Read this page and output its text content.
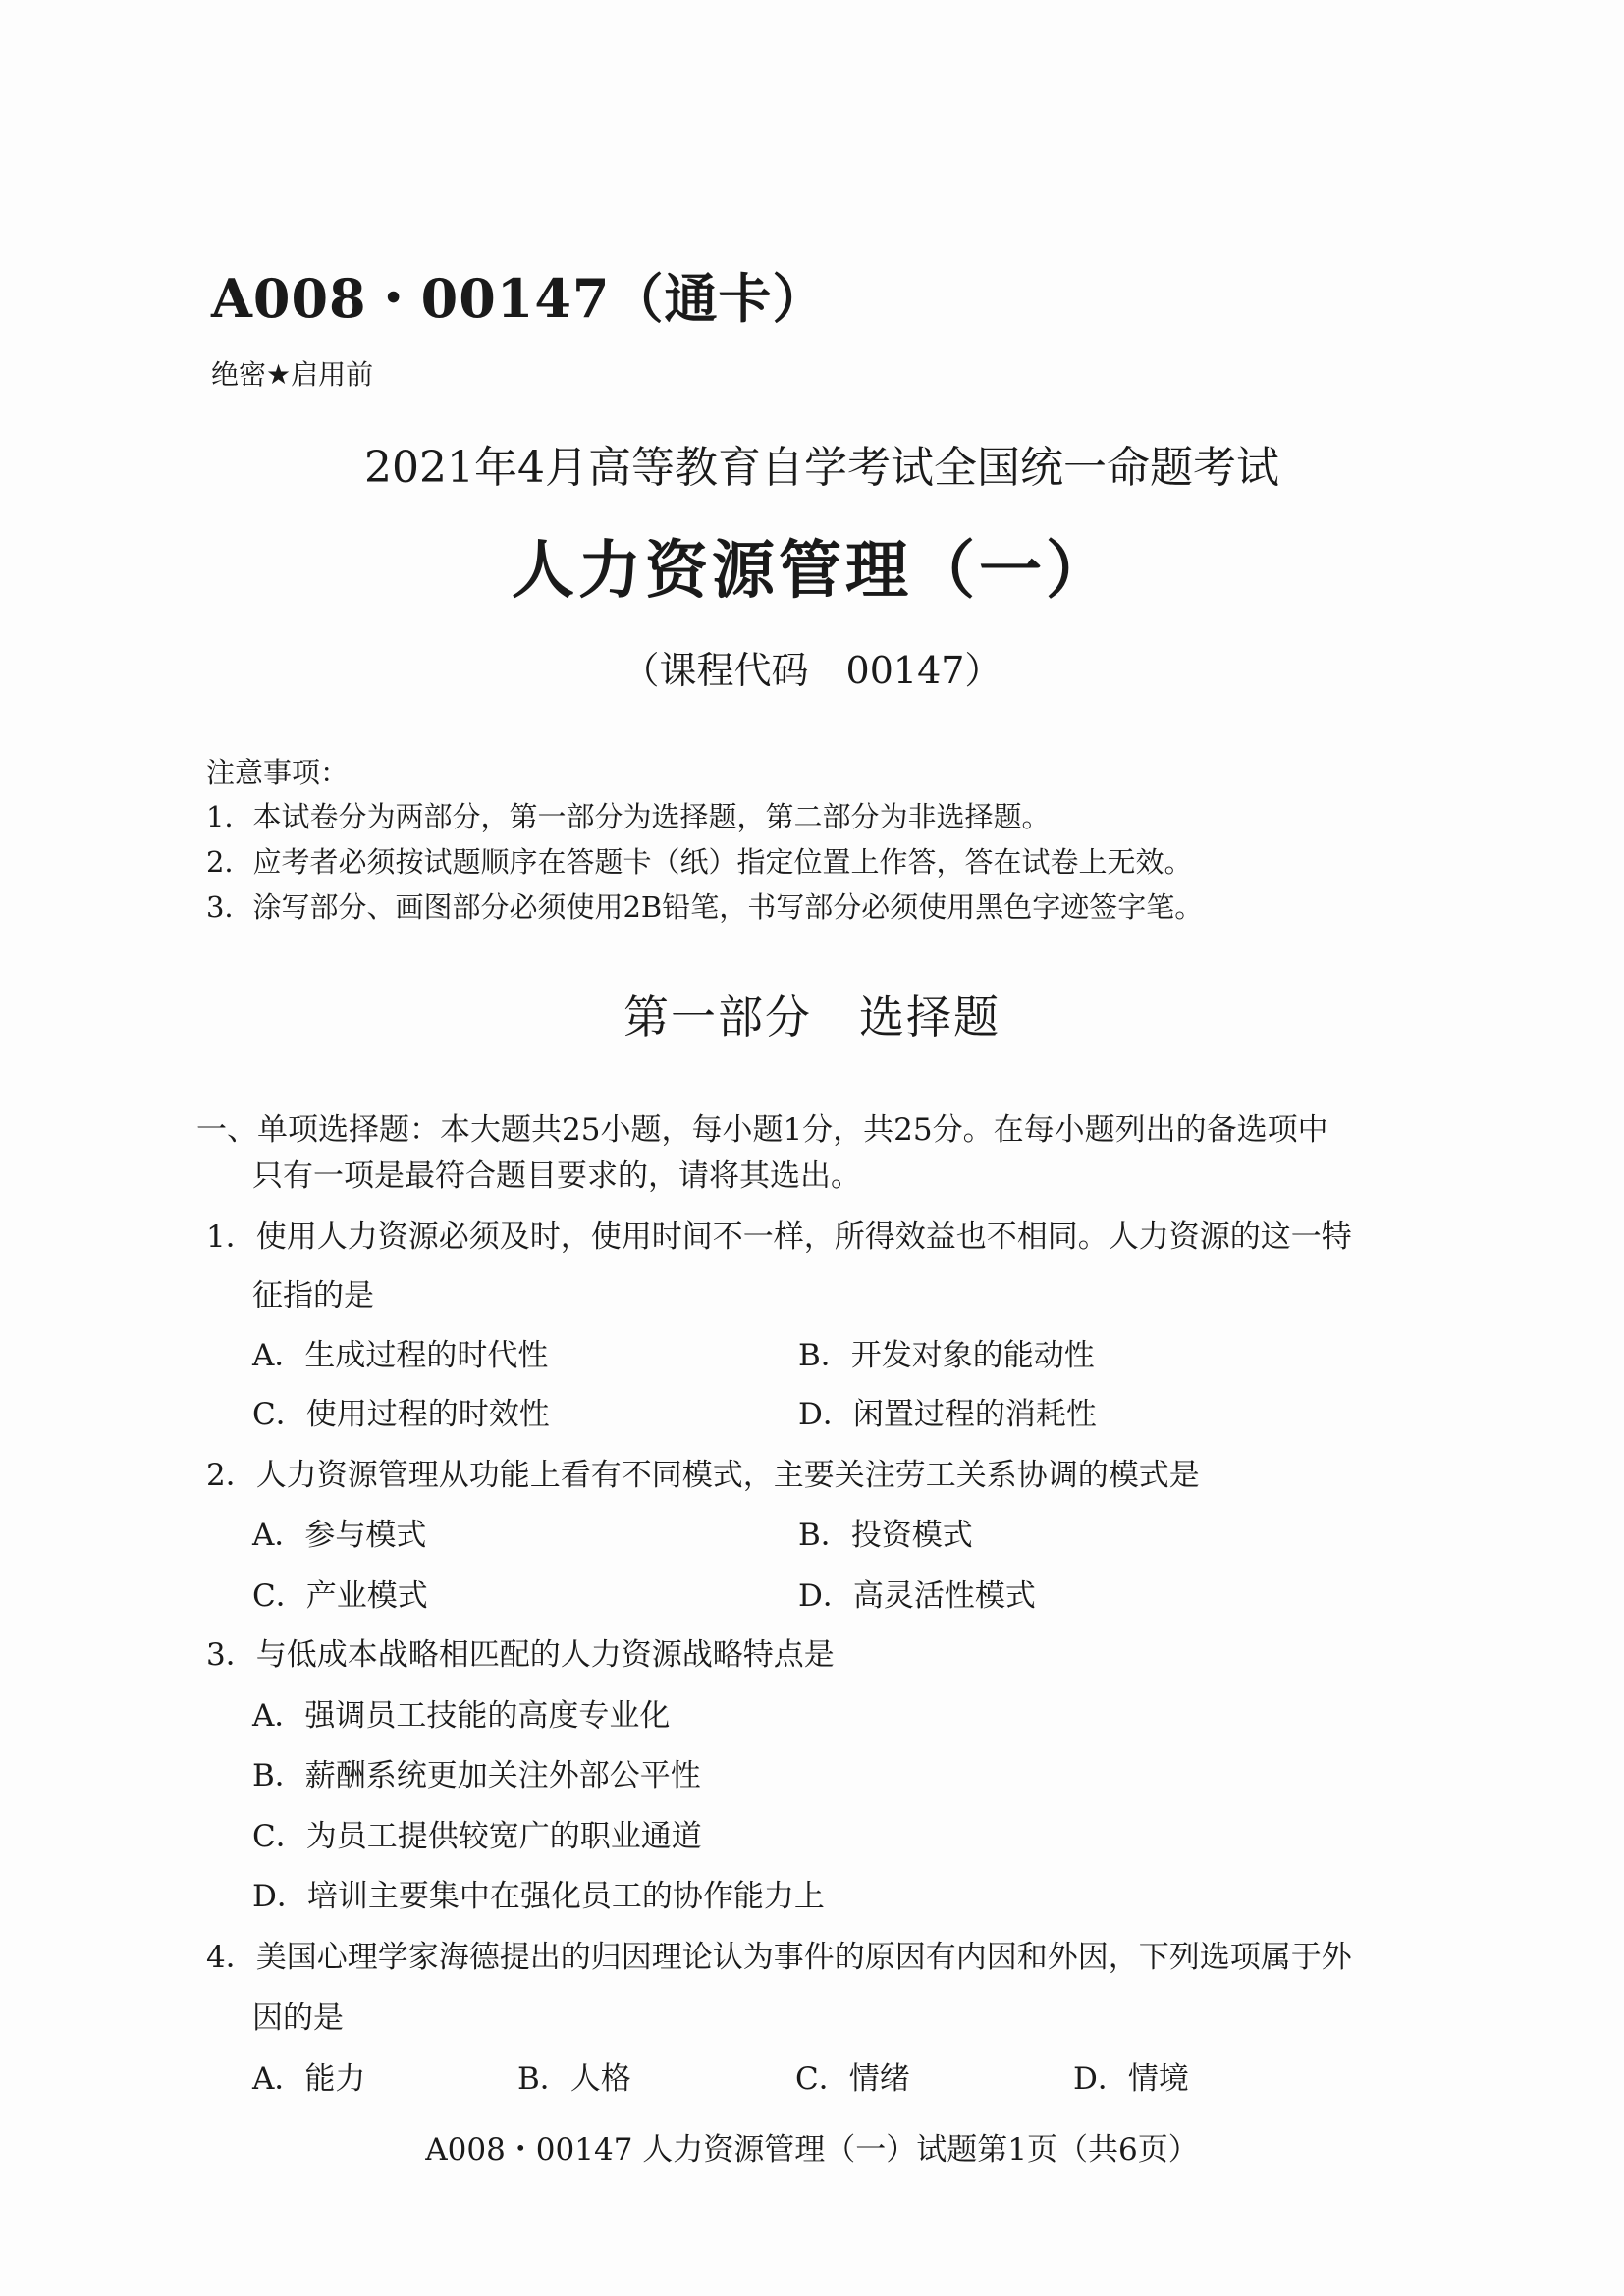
A008・00147（通卡）
绝密★启用前
2021年4月高等教育自学考试全国统一命题考试
人力资源管理（一）
（课程代码　00147）
注意事项：
1．本试卷分为两部分，第一部分为选择题，第二部分为非选择题。
2．应考者必须按试题顺序在答题卡（纸）指定位置上作答，答在试卷上无效。
3．涂写部分、画图部分必须使用2B铅笔，书写部分必须使用黑色字迹签字笔。
第一部分　选择题
一、单项选择题：本大题共25小题，每小题1分，共25分。在每小题列出的备选项中
只有一项是最符合题目要求的，请将其选出。
1．使用人力资源必须及时，使用时间不一样，所得效益也不相同。人力资源的这一特
征指的是
A．生成过程的时代性	B．开发对象的能动性
C．使用过程的时效性	D．闲置过程的消耗性
2．人力资源管理从功能上看有不同模式，主要关注劳工关系协调的模式是
A．参与模式	B．投资模式
C．产业模式	D．高灵活性模式
3．与低成本战略相匹配的人力资源战略特点是
A．强调员工技能的高度专业化
B．薪酬系统更加关注外部公平性
C．为员工提供较宽广的职业通道
D．培训主要集中在强化员工的协作能力上
4．美国心理学家海德提出的归因理论认为事件的原因有内因和外因，下列选项属于外
因的是
A．能力	B．人格	C．情绪	D．情境
A008・00147 人力资源管理（一）试题第1页（共6页）
